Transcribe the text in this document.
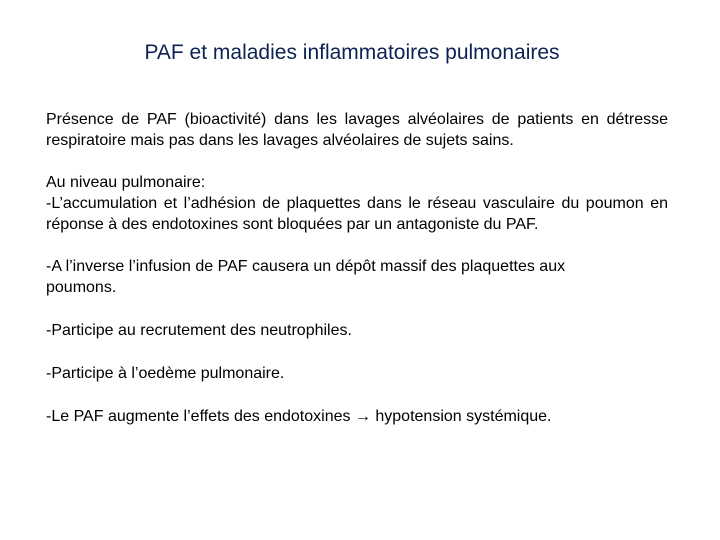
PAF et maladies inflammatoires pulmonaires

Présence de PAF (bioactivité) dans les lavages alvéolaires de patients en détresse respiratoire mais pas dans les lavages alvéolaires de sujets sains.

Au niveau pulmonaire:

-L’accumulation et l’adhésion de plaquettes dans le réseau vasculaire du poumon en réponse à des endotoxines sont bloquées par un antagoniste du PAF.

-A l’inverse l’infusion de PAF causera un dépôt massif des plaquettes aux poumons.

-Participe au recrutement des neutrophiles.

-Participe à l’oedème pulmonaire.

-Le PAF augmente l’effets des endotoxines → hypotension systémique.
